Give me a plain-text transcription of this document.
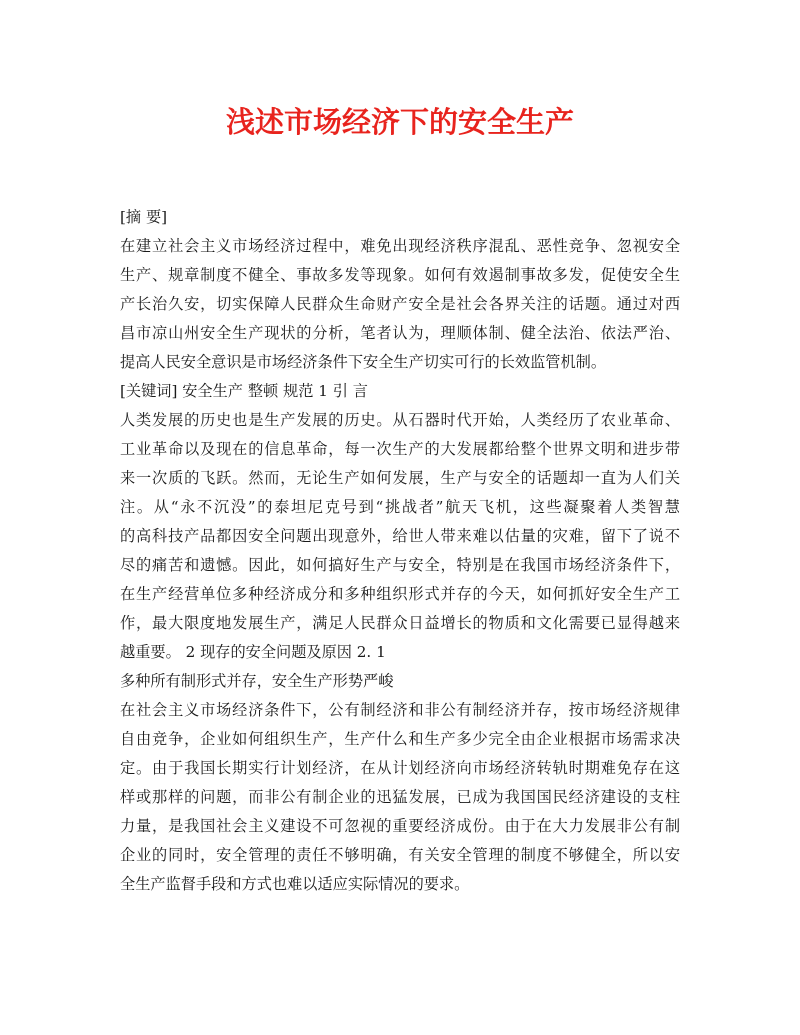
浅述市场经济下的安全生产
[摘 要]
在建立社会主义市场经济过程中，难免出现经济秩序混乱、恶性竞争、忽视安全
生产、规章制度不健全、事故多发等现象。如何有效遏制事故多发，促使安全生
产长治久安，切实保障人民群众生命财产安全是社会各界关注的话题。通过对西
昌市凉山州安全生产现状的分析，笔者认为，理顺体制、健全法治、依法严治、
提高人民安全意识是市场经济条件下安全生产切实可行的长效监管机制。
[关键词] 安全生产 整顿 规范 1 引 言
人类发展的历史也是生产发展的历史。从石器时代开始，人类经历了农业革命、
工业革命以及现在的信息革命，每一次生产的大发展都给整个世界文明和进步带
来一次质的飞跃。然而，无论生产如何发展，生产与安全的话题却一直为人们关
注。从“永不沉没”的泰坦尼克号到“挑战者”航天飞机，这些凝聚着人类智慧
的高科技产品都因安全问题出现意外，给世人带来难以估量的灾难，留下了说不
尽的痛苦和遗憾。因此，如何搞好生产与安全，特别是在我国市场经济条件下，
在生产经营单位多种经济成分和多种组织形式并存的今天，如何抓好安全生产工
作，最大限度地发展生产，满足人民群众日益增长的物质和文化需要已显得越来
越重要。 2 现存的安全问题及原因 2. 1
多种所有制形式并存，安全生产形势严峻
在社会主义市场经济条件下，公有制经济和非公有制经济并存，按市场经济规律
自由竞争，企业如何组织生产，生产什么和生产多少完全由企业根据市场需求决
定。由于我国长期实行计划经济，在从计划经济向市场经济转轨时期难免存在这
样或那样的问题，而非公有制企业的迅猛发展，已成为我国国民经济建设的支柱
力量，是我国社会主义建设不可忽视的重要经济成份。由于在大力发展非公有制
企业的同时，安全管理的责任不够明确，有关安全管理的制度不够健全，所以安
全生产监督手段和方式也难以适应实际情况的要求。
